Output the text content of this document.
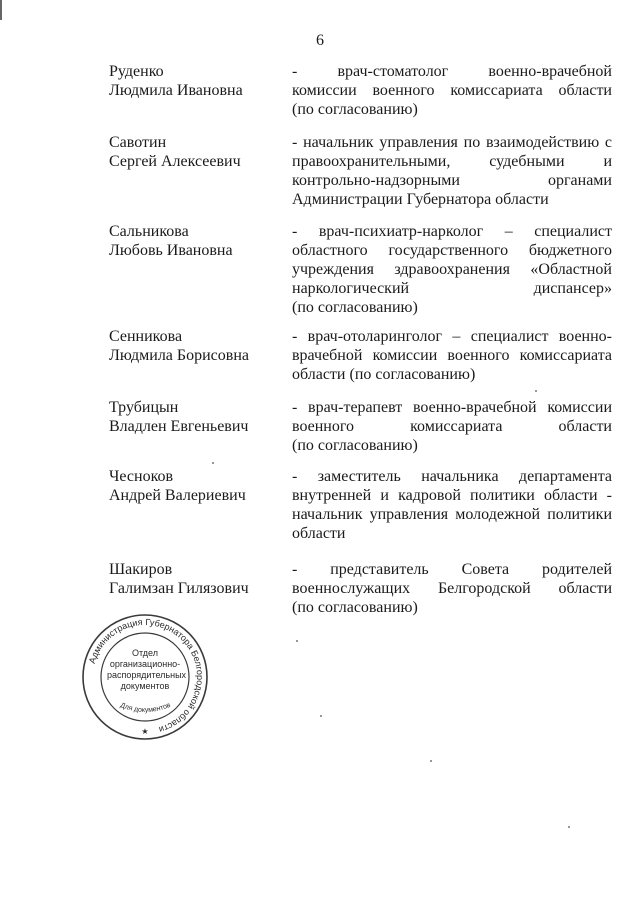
6
Руденко
Людмила Ивановна
- врач-стоматолог военно-врачебной
комиссии военного комиссариата области
(по согласованию)
Савотин
Сергей Алексеевич
- начальник управления по взаимодействию с
правоохранительными, судебными и
контрольно-надзорными органами
Администрации Губернатора области
Сальникова
Любовь Ивановна
- врач-психиатр-нарколог – специалист
областного государственного бюджетного
учреждения здравоохранения «Областной
наркологический диспансер»
(по согласованию)
Сенникова
Людмила Борисовна
- врач-отоларинголог – специалист военно-
врачебной комиссии военного комиссариата
области (по согласованию)
Трубицын
Владлен Евгеньевич
- врач-терапевт военно-врачебной комиссии
военного комиссариата области
(по согласованию)
Чесноков
Андрей Валериевич
- заместитель начальника департамента
внутренней и кадровой политики области -
начальник управления молодежной политики
области
Шакиров
Галимзан Гилязович
- представитель Совета родителей
военнослужащих Белгородской области
(по согласованию)
Администрация Губернатора Белгородской области
Для документов
★
Отдел
организационно-
распорядительных
документов
